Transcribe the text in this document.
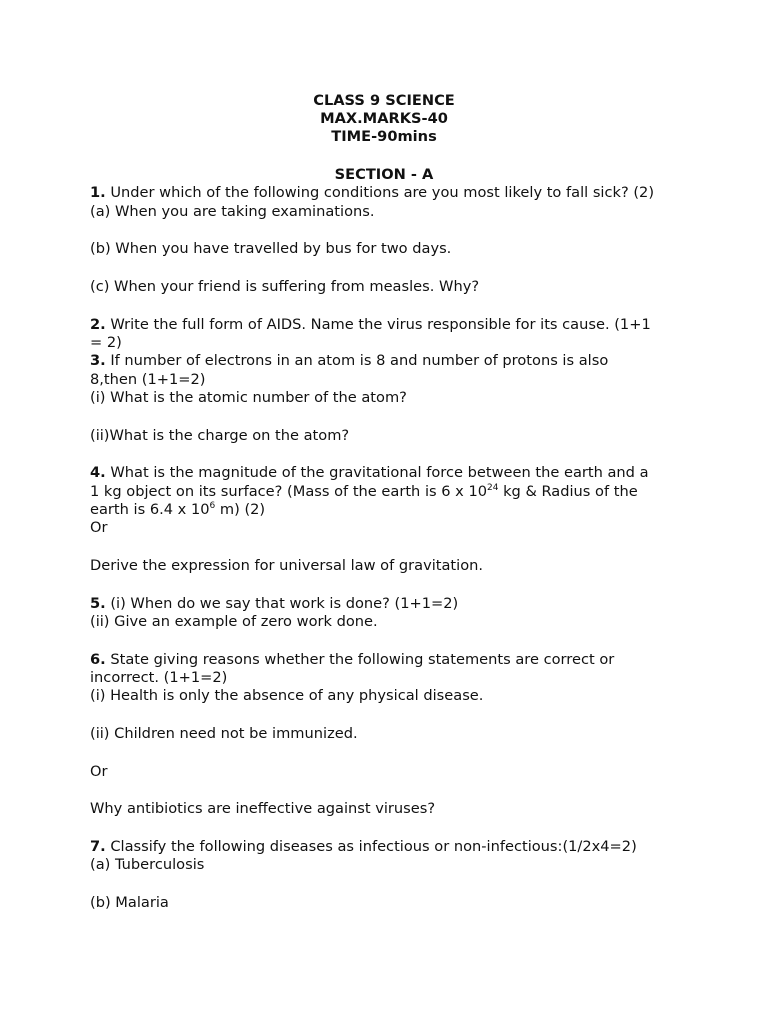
CLASS 9 SCIENCE
MAX.MARKS-40
TIME-90mins
SECTION - A
1. Under which of the following conditions are you most likely to fall sick? (2)
(a) When you are taking examinations.
(b) When you have travelled by bus for two days.
(c) When your friend is suffering from measles. Why?
2. Write the full form of AIDS. Name the virus responsible for its cause. (1+1
= 2)
3. If number of electrons in an atom is 8 and number of protons is also
8,then (1+1=2)
(i) What is the atomic number of the atom?
(ii)What is the charge on the atom?
4. What is the magnitude of the gravitational force between the earth and a
1 kg object on its surface? (Mass of the earth is 6 x $10^{24}$ kg & Radius of the
earth is 6.4 x $10^6$ m) (2)
Or
Derive the expression for universal law of gravitation.
5. (i) When do we say that work is done? (1+1=2)
(ii) Give an example of zero work done.
6. State giving reasons whether the following statements are correct or
incorrect. (1+1=2)
(i) Health is only the absence of any physical disease.
(ii) Children need not be immunized.
Or
Why antibiotics are ineffective against viruses?
7. Classify the following diseases as infectious or non-infectious:(1/2x4=2)
(a) Tuberculosis
(b) Malaria
